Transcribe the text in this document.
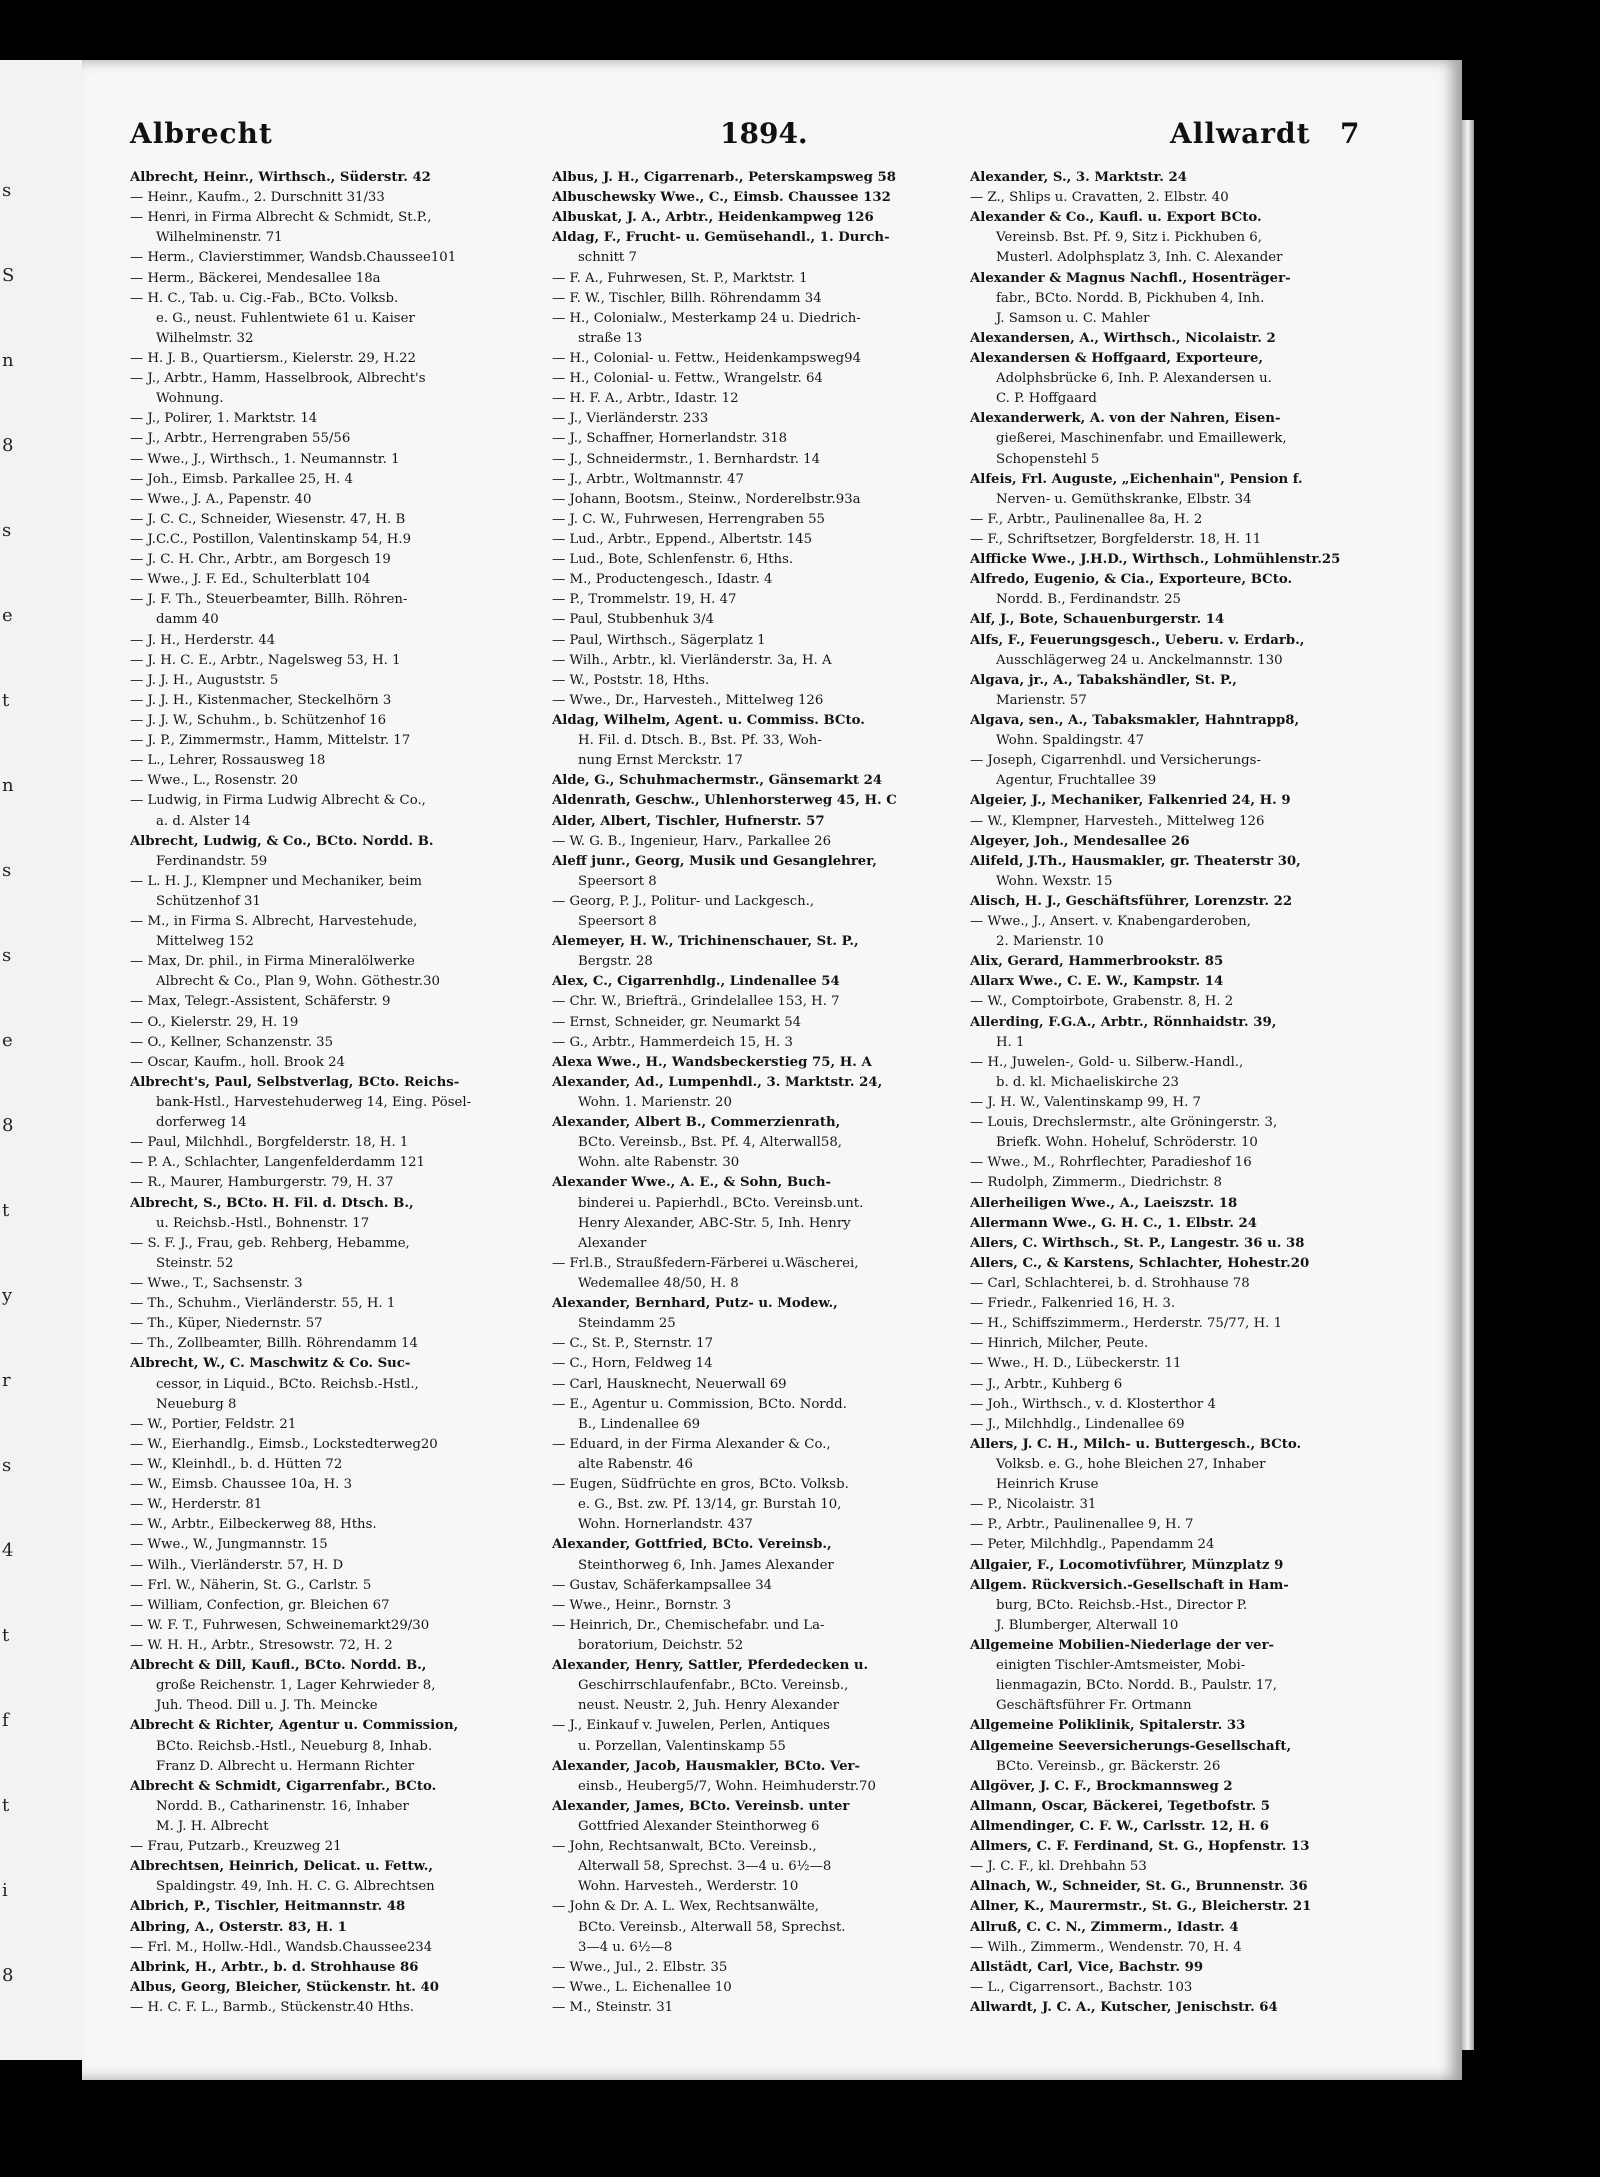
s
S
n
8
s
e
t
n
s
s
e
8
t
y
r
s
4
t
f
t
i
8
Albrecht	1894.	Allwardt 7
Albrecht, Heinr., Wirthsch., Süderstr. 42
— Heinr., Kaufm., 2. Durschnitt 31/33
— Henri, in Firma Albrecht & Schmidt, St.P.,
Wilhelminenstr. 71
— Herm., Clavierstimmer, Wandsb.Chaussee101
— Herm., Bäckerei, Mendesallee 18a
— H. C., Tab. u. Cig.-Fab., BCto. Volksb.
e. G., neust. Fuhlentwiete 61 u. Kaiser
Wilhelmstr. 32
— H. J. B., Quartiersm., Kielerstr. 29, H.22
— J., Arbtr., Hamm, Hasselbrook, Albrecht's
Wohnung.
— J., Polirer, 1. Marktstr. 14
— J., Arbtr., Herrengraben 55/56
— Wwe., J., Wirthsch., 1. Neumannstr. 1
— Joh., Eimsb. Parkallee 25, H. 4
— Wwe., J. A., Papenstr. 40
— J. C. C., Schneider, Wiesenstr. 47, H. B
— J.C.C., Postillon, Valentinskamp 54, H.9
— J. C. H. Chr., Arbtr., am Borgesch 19
— Wwe., J. F. Ed., Schulterblatt 104
— J. F. Th., Steuerbeamter, Billh. Röhren-
damm 40
— J. H., Herderstr. 44
— J. H. C. E., Arbtr., Nagelsweg 53, H. 1
— J. J. H., Auguststr. 5
— J. J. H., Kistenmacher, Steckelhörn 3
— J. J. W., Schuhm., b. Schützenhof 16
— J. P., Zimmermstr., Hamm, Mittelstr. 17
— L., Lehrer, Rossausweg 18
— Wwe., L., Rosenstr. 20
— Ludwig, in Firma Ludwig Albrecht & Co.,
a. d. Alster 14
Albrecht, Ludwig, & Co., BCto. Nordd. B.
Ferdinandstr. 59
— L. H. J., Klempner und Mechaniker, beim
Schützenhof 31
— M., in Firma S. Albrecht, Harvestehude,
Mittelweg 152
— Max, Dr. phil., in Firma Mineralölwerke
Albrecht & Co., Plan 9, Wohn. Göthestr.30
— Max, Telegr.-Assistent, Schäferstr. 9
— O., Kielerstr. 29, H. 19
— O., Kellner, Schanzenstr. 35
— Oscar, Kaufm., holl. Brook 24
Albrecht's, Paul, Selbstverlag, BCto. Reichs-
bank-Hstl., Harvestehuderweg 14, Eing. Pösel-
dorferweg 14
— Paul, Milchhdl., Borgfelderstr. 18, H. 1
— P. A., Schlachter, Langenfelderdamm 121
— R., Maurer, Hamburgerstr. 79, H. 37
Albrecht, S., BCto. H. Fil. d. Dtsch. B.,
u. Reichsb.-Hstl., Bohnenstr. 17
— S. F. J., Frau, geb. Rehberg, Hebamme,
Steinstr. 52
— Wwe., T., Sachsenstr. 3
— Th., Schuhm., Vierländerstr. 55, H. 1
— Th., Küper, Niedernstr. 57
— Th., Zollbeamter, Billh. Röhrendamm 14
Albrecht, W., C. Maschwitz & Co. Suc-
cessor, in Liquid., BCto. Reichsb.-Hstl.,
Neueburg 8
— W., Portier, Feldstr. 21
— W., Eierhandlg., Eimsb., Lockstedterweg20
— W., Kleinhdl., b. d. Hütten 72
— W., Eimsb. Chaussee 10a, H. 3
— W., Herderstr. 81
— W., Arbtr., Eilbeckerweg 88, Hths.
— Wwe., W., Jungmannstr. 15
— Wilh., Vierländerstr. 57, H. D
— Frl. W., Näherin, St. G., Carlstr. 5
— William, Confection, gr. Bleichen 67
— W. F. T., Fuhrwesen, Schweinemarkt29/30
— W. H. H., Arbtr., Stresowstr. 72, H. 2
Albrecht & Dill, Kaufl., BCto. Nordd. B.,
große Reichenstr. 1, Lager Kehrwieder 8,
Juh. Theod. Dill u. J. Th. Meincke
Albrecht & Richter, Agentur u. Commission,
BCto. Reichsb.-Hstl., Neueburg 8, Inhab.
Franz D. Albrecht u. Hermann Richter
Albrecht & Schmidt, Cigarrenfabr., BCto.
Nordd. B., Catharinenstr. 16, Inhaber
M. J. H. Albrecht
— Frau, Putzarb., Kreuzweg 21
Albrechtsen, Heinrich, Delicat. u. Fettw.,
Spaldingstr. 49, Inh. H. C. G. Albrechtsen
Albrich, P., Tischler, Heitmannstr. 48
Albring, A., Osterstr. 83, H. 1
— Frl. M., Hollw.-Hdl., Wandsb.Chaussee234
Albrink, H., Arbtr., b. d. Strohhause 86
Albus, Georg, Bleicher, Stückenstr. ht. 40
— H. C. F. L., Barmb., Stückenstr.40 Hths.
Albus, J. H., Cigarrenarb., Peterskampsweg 58
Albuschewsky Wwe., C., Eimsb. Chaussee 132
Albuskat, J. A., Arbtr., Heidenkampweg 126
Aldag, F., Frucht- u. Gemüsehandl., 1. Durch-
schnitt 7
— F. A., Fuhrwesen, St. P., Marktstr. 1
— F. W., Tischler, Billh. Röhrendamm 34
— H., Colonialw., Mesterkamp 24 u. Diedrich-
straße 13
— H., Colonial- u. Fettw., Heidenkampsweg94
— H., Colonial- u. Fettw., Wrangelstr. 64
— H. F. A., Arbtr., Idastr. 12
— J., Vierländerstr. 233
— J., Schaffner, Hornerlandstr. 318
— J., Schneidermstr., 1. Bernhardstr. 14
— J., Arbtr., Woltmannstr. 47
— Johann, Bootsm., Steinw., Norderelbstr.93a
— J. C. W., Fuhrwesen, Herrengraben 55
— Lud., Arbtr., Eppend., Albertstr. 145
— Lud., Bote, Schlenfenstr. 6, Hths.
— M., Productengesch., Idastr. 4
— P., Trommelstr. 19, H. 47
— Paul, Stubbenhuk 3/4
— Paul, Wirthsch., Sägerplatz 1
— Wilh., Arbtr., kl. Vierländerstr. 3a, H. A
— W., Poststr. 18, Hths.
— Wwe., Dr., Harvesteh., Mittelweg 126
Aldag, Wilhelm, Agent. u. Commiss. BCto.
H. Fil. d. Dtsch. B., Bst. Pf. 33, Woh-
nung Ernst Merckstr. 17
Alde, G., Schuhmachermstr., Gänsemarkt 24
Aldenrath, Geschw., Uhlenhorsterweg 45, H. C
Alder, Albert, Tischler, Hufnerstr. 57
— W. G. B., Ingenieur, Harv., Parkallee 26
Aleff junr., Georg, Musik und Gesanglehrer,
Speersort 8
— Georg, P. J., Politur- und Lackgesch.,
Speersort 8
Alemeyer, H. W., Trichinenschauer, St. P.,
Bergstr. 28
Alex, C., Cigarrenhdlg., Lindenallee 54
— Chr. W., Briefträ., Grindelallee 153, H. 7
— Ernst, Schneider, gr. Neumarkt 54
— G., Arbtr., Hammerdeich 15, H. 3
Alexa Wwe., H., Wandsbeckerstieg 75, H. A
Alexander, Ad., Lumpenhdl., 3. Marktstr. 24,
Wohn. 1. Marienstr. 20
Alexander, Albert B., Commerzienrath,
BCto. Vereinsb., Bst. Pf. 4, Alterwall58,
Wohn. alte Rabenstr. 30
Alexander Wwe., A. E., & Sohn, Buch-
binderei u. Papierhdl., BCto. Vereinsb.unt.
Henry Alexander, ABC-Str. 5, Inh. Henry
Alexander
— Frl.B., Straußfedern-Färberei u.Wäscherei,
Wedemallee 48/50, H. 8
Alexander, Bernhard, Putz- u. Modew.,
Steindamm 25
— C., St. P., Sternstr. 17
— C., Horn, Feldweg 14
— Carl, Hausknecht, Neuerwall 69
— E., Agentur u. Commission, BCto. Nordd.
B., Lindenallee 69
— Eduard, in der Firma Alexander & Co.,
alte Rabenstr. 46
— Eugen, Südfrüchte en gros, BCto. Volksb.
e. G., Bst. zw. Pf. 13/14, gr. Burstah 10,
Wohn. Hornerlandstr. 437
Alexander, Gottfried, BCto. Vereinsb.,
Steinthorweg 6, Inh. James Alexander
— Gustav, Schäferkampsallee 34
— Wwe., Heinr., Bornstr. 3
— Heinrich, Dr., Chemischefabr. und La-
boratorium, Deichstr. 52
Alexander, Henry, Sattler, Pferdedecken u.
Geschirrschlaufenfabr., BCto. Vereinsb.,
neust. Neustr. 2, Juh. Henry Alexander
— J., Einkauf v. Juwelen, Perlen, Antiques
u. Porzellan, Valentinskamp 55
Alexander, Jacob, Hausmakler, BCto. Ver-
einsb., Heuberg5/7, Wohn. Heimhuderstr.70
Alexander, James, BCto. Vereinsb. unter
Gottfried Alexander Steinthorweg 6
— John, Rechtsanwalt, BCto. Vereinsb.,
Alterwall 58, Sprechst. 3—4 u. 6½—8
Wohn. Harvesteh., Werderstr. 10
— John & Dr. A. L. Wex, Rechtsanwälte,
BCto. Vereinsb., Alterwall 58, Sprechst.
3—4 u. 6½—8
— Wwe., Jul., 2. Elbstr. 35
— Wwe., L. Eichenallee 10
— M., Steinstr. 31
Alexander, S., 3. Marktstr. 24
— Z., Shlips u. Cravatten, 2. Elbstr. 40
Alexander & Co., Kaufl. u. Export BCto.
Vereinsb. Bst. Pf. 9, Sitz i. Pickhuben 6,
Musterl. Adolphsplatz 3, Inh. C. Alexander
Alexander & Magnus Nachfl., Hosenträger-
fabr., BCto. Nordd. B, Pickhuben 4, Inh.
J. Samson u. C. Mahler
Alexandersen, A., Wirthsch., Nicolaistr. 2
Alexandersen & Hoffgaard, Exporteure,
Adolphsbrücke 6, Inh. P. Alexandersen u.
C. P. Hoffgaard
Alexanderwerk, A. von der Nahren, Eisen-
gießerei, Maschinenfabr. und Emaillewerk,
Schopenstehl 5
Alfeis, Frl. Auguste, „Eichenhain", Pension f.
Nerven- u. Gemüthskranke, Elbstr. 34
— F., Arbtr., Paulinenallee 8a, H. 2
— F., Schriftsetzer, Borgfelderstr. 18, H. 11
Alfficke Wwe., J.H.D., Wirthsch., Lohmühlenstr.25
Alfredo, Eugenio, & Cia., Exporteure, BCto.
Nordd. B., Ferdinandstr. 25
Alf, J., Bote, Schauenburgerstr. 14
Alfs, F., Feuerungsgesch., Ueberu. v. Erdarb.,
Ausschlägerweg 24 u. Anckelmannstr. 130
Algava, jr., A., Tabakshändler, St. P.,
Marienstr. 57
Algava, sen., A., Tabaksmakler, Hahntrapp8,
Wohn. Spaldingstr. 47
— Joseph, Cigarrenhdl. und Versicherungs-
Agentur, Fruchtallee 39
Algeier, J., Mechaniker, Falkenried 24, H. 9
— W., Klempner, Harvesteh., Mittelweg 126
Algeyer, Joh., Mendesallee 26
Alifeld, J.Th., Hausmakler, gr. Theaterstr 30,
Wohn. Wexstr. 15
Alisch, H. J., Geschäftsführer, Lorenzstr. 22
— Wwe., J., Ansert. v. Knabengarderoben,
2. Marienstr. 10
Alix, Gerard, Hammerbrookstr. 85
Allarx Wwe., C. E. W., Kampstr. 14
— W., Comptoirbote, Grabenstr. 8, H. 2
Allerding, F.G.A., Arbtr., Rönnhaidstr. 39,
H. 1
— H., Juwelen-, Gold- u. Silberw.-Handl.,
b. d. kl. Michaeliskirche 23
— J. H. W., Valentinskamp 99, H. 7
— Louis, Drechslermstr., alte Gröningerstr. 3,
Briefk. Wohn. Hoheluf, Schröderstr. 10
— Wwe., M., Rohrflechter, Paradieshof 16
— Rudolph, Zimmerm., Diedrichstr. 8
Allerheiligen Wwe., A., Laeiszstr. 18
Allermann Wwe., G. H. C., 1. Elbstr. 24
Allers, C. Wirthsch., St. P., Langestr. 36 u. 38
Allers, C., & Karstens, Schlachter, Hohestr.20
— Carl, Schlachterei, b. d. Strohhause 78
— Friedr., Falkenried 16, H. 3.
— H., Schiffszimmerm., Herderstr. 75/77, H. 1
— Hinrich, Milcher, Peute.
— Wwe., H. D., Lübeckerstr. 11
— J., Arbtr., Kuhberg 6
— Joh., Wirthsch., v. d. Klosterthor 4
— J., Milchhdlg., Lindenallee 69
Allers, J. C. H., Milch- u. Buttergesch., BCto.
Volksb. e. G., hohe Bleichen 27, Inhaber
Heinrich Kruse
— P., Nicolaistr. 31
— P., Arbtr., Paulinenallee 9, H. 7
— Peter, Milchhdlg., Papendamm 24
Allgaier, F., Locomotivführer, Münzplatz 9
Allgem. Rückversich.-Gesellschaft in Ham-
burg, BCto. Reichsb.-Hst., Director P.
J. Blumberger, Alterwall 10
Allgemeine Mobilien-Niederlage der ver-
einigten Tischler-Amtsmeister, Mobi-
lienmagazin, BCto. Nordd. B., Paulstr. 17,
Geschäftsführer Fr. Ortmann
Allgemeine Poliklinik, Spitalerstr. 33
Allgemeine Seeversicherungs-Gesellschaft,
BCto. Vereinsb., gr. Bäckerstr. 26
Allgöver, J. C. F., Brockmannsweg 2
Allmann, Oscar, Bäckerei, Tegetbofstr. 5
Allmendinger, C. F. W., Carlsstr. 12, H. 6
Allmers, C. F. Ferdinand, St. G., Hopfenstr. 13
— J. C. F., kl. Drehbahn 53
Allnach, W., Schneider, St. G., Brunnenstr. 36
Allner, K., Maurermstr., St. G., Bleicherstr. 21
Allruß, C. C. N., Zimmerm., Idastr. 4
— Wilh., Zimmerm., Wendenstr. 70, H. 4
Allstädt, Carl, Vice, Bachstr. 99
— L., Cigarrensort., Bachstr. 103
Allwardt, J. C. A., Kutscher, Jenischstr. 64
